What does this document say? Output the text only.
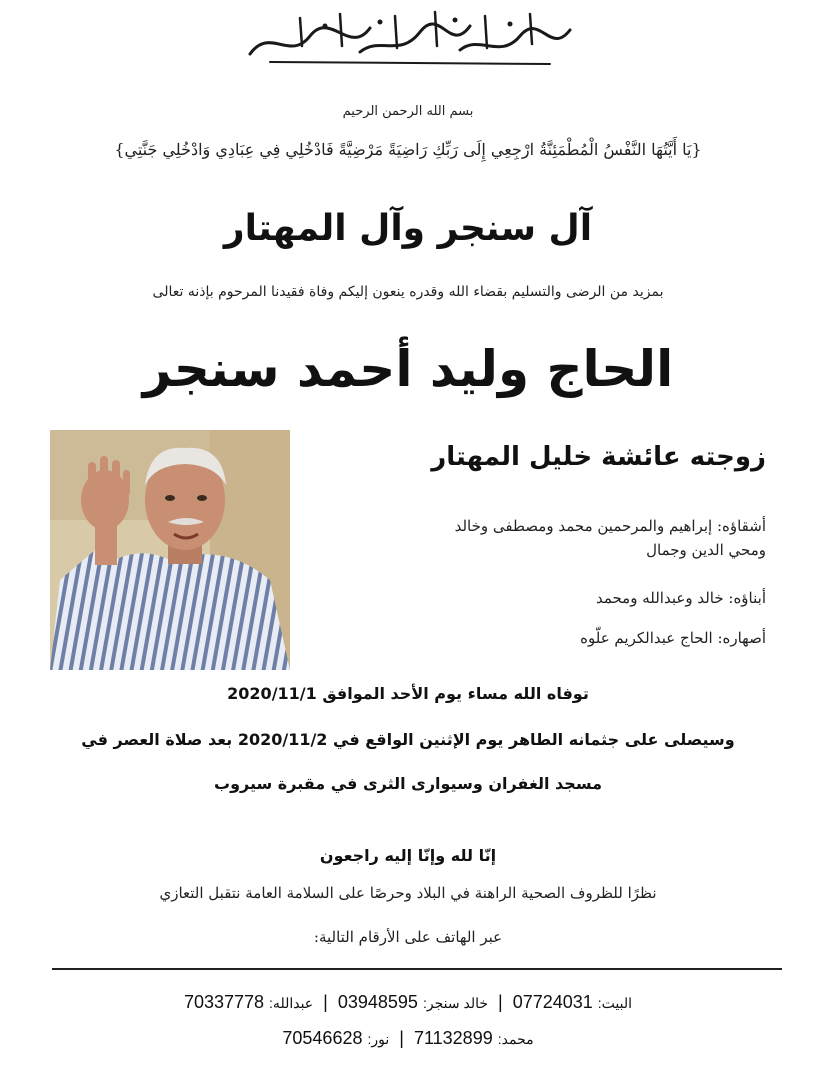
بسم الله الرحمن الرحيم
{يَا أَيَّتُهَا النَّفْسُ الْمُطْمَئِنَّةُ ارْجِعِي إِلَى رَبِّكِ رَاضِيَةً مَرْضِيَّةً فَادْخُلِي فِي عِبَادِي وَادْخُلِي جَنَّتِي}
آل سنجر وآل المهتار
بمزيد من الرضى والتسليم بقضاء الله وقدره ينعون إليكم وفاة فقيدنا المرحوم بإذنه تعالى
الحاج وليد أحمد سنجر
زوجته عائشة خليل المهتار
أشقاؤه: إبراهيم والمرحمين محمد ومصطفى وخالد
ومحي الدين وجمال
أبناؤه: خالد وعبدالله ومحمد
أصهاره: الحاج عبدالكريم علّوه
توفاه الله مساء يوم الأحد الموافق 2020/11/1
وسيصلى على جثمانه الطاهر يوم الإثنين الواقع في 2020/11/2 بعد صلاة العصر في
مسجد الغفران وسيوارى الثرى في مقبرة سيروب
إنّا لله وإنّا إليه راجعون
نظرًا للظروف الصحية الراهنة في البلاد وحرصًا على السلامة العامة نتقبل التعازي
عبر الهاتف على الأرقام التالية:
البيت: 07724031|خالد سنجر: 03948595|عبدالله: 70337778
محمد: 71132899|نور: 70546628
